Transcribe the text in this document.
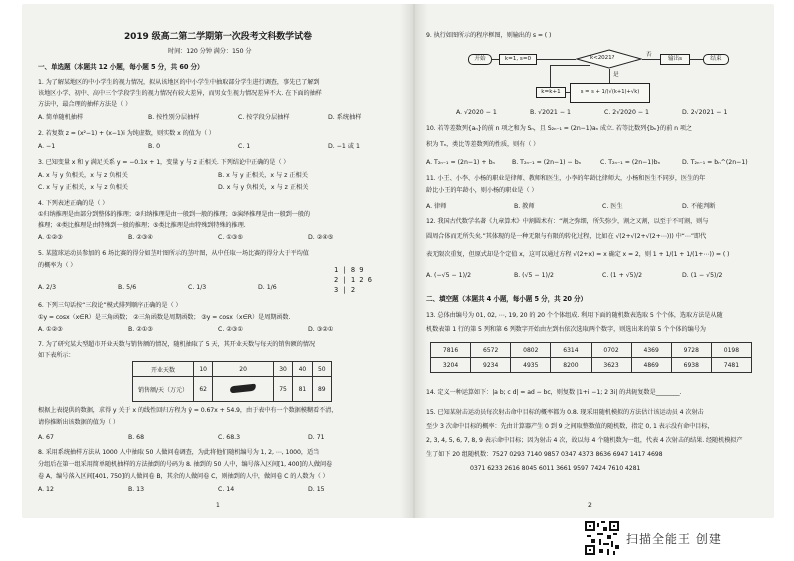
2019 级高二第二学期第一次段考文科数学试卷
时间：120 分钟 满分：150 分
一、单选题（本题共 12 小题，每小题 5 分，共 60 分）
1. 为了解某地区的中小学生的视力情况，拟从该地区的中小学生中抽取部分学生进行调查，事先已了解到
该地区小学、初中、高中三个学段学生的视力情况有较大差异，而男女生视力情况差异不大. 在下面的抽样
方法中，最合理的抽样方法是（ ）
A. 简单随机抽样	B. 按性别分层抽样	C. 按学段分层抽样	D. 系统抽样
2. 若复数 z = (x²−1) + (x−1)i 为纯虚数，则实数 x 的值为（ ）
A. −1	B. 0	C. 1	D. −1 或 1
3. 已知变量 x 和 y 满足关系 y = −0.1x + 1，变量 y 与 z 正相关. 下列结论中正确的是（ ）
A. x 与 y 负相关，x 与 z 负相关	B. x 与 y 正相关，x 与 z 正相关
C. x 与 y 正相关，x 与 z 负相关	D. x 与 y 负相关，x 与 z 正相关
4. 下列表述正确的是（ ）
①归纳推理是由部分到整体的推理；②归纳推理是由一般到一般的推理；③演绎推理是由一般到一般的
推理；④类比推理是由特殊到一般的推理；⑤类比推理是由特殊到特殊的推理.
A. ①②③	B. ②③④	C. ①③⑤	D. ②④⑤
5. 某篮球运动员参加的 6 场比赛的得分如茎叶图所示的茎叶图，从中任取一场比赛的得分大于平均值
的概率为（ ）
1 | 8 9
2 | 1 2 6
3 | 2
A. 2/3	B. 5/6	C. 1/3	D. 1/6
6. 下列三句话按“三段论”模式排列顺序正确的是（ ）
①y = cosx（x∈R）是三角函数； ②三角函数是周期函数； ③y = cosx（x∈R）是周期函数.
A. ①②③	B. ②①③	C. ②③①	D. ③②①
7. 为了研究某大型超市开业天数与销售额的情况，随机抽取了 5 天，其开业天数与每天的销售额的情况
如下表所示：
开业天数	10	20	30	40	50
销售额/天（万元）	62		75	81	89
根据上表提供的数据，求得 y 关于 x 的线性回归方程为 ŷ = 0.67x + 54.9，由于表中有一个数据模糊看不清，
请你推断出该数据的值为（ ）
A. 67	B. 68	C. 68.3	D. 71
8. 采用系统抽样方法从 1000 人中抽取 50 人做问卷调查，为此将他们随机编号为 1, 2, ⋯, 1000，适当
分组后在第一组采用简单随机抽样的方法抽到的号码为 8. 抽到的 50 人中，编号落入区间[1, 400]的人做问卷
卷 A，编号落入区间[401, 750]的人做问卷 B，其余的人做问卷 C，则抽到的人中，做问卷 C 的人数为（ ）
A. 12	B. 13	C. 14	D. 15
1
9. 执行如图所示的程序框图，则输出的 s = ( )
开始	k=1, s=0	k<2021?	否
输出s	结束
是
s = s + 1/(√(k+1)+√k)
k=k+1
A. √2020 − 1	B. √2021 − 1	C. 2√2020 − 1	D. 2√2021 − 1
10. 若等差数列{aₙ}的前 n 项之和为 Sₙ，且 S₂ₙ₋₁ = (2n−1)aₙ 成立. 若等比数列{bₙ}的前 n 项之
积为 Tₙ，类比等差数列的性质，则有（ ）
A. T₂ₙ₋₁ = (2n−1) + bₙ	B. T₂ₙ₋₁ = (2n−1) − bₙ	C. T₂ₙ₋₁ = (2n−1)bₙ	D. T₂ₙ₋₁ = bₙ^(2n−1)
11. 小王、小李、小杨的职业是律师、教师和医生，小李的年龄比律师大，小杨和医生不同岁，医生的年
龄比小王的年龄小，则小杨的职业是（ ）
A. 律师	B. 教师	C. 医生	D. 不能判断
12. 我国古代数学名著《九章算术》中割圆术有：“割之弥细，所失弥少，割之又割，以至于不可割，则与
圆周合体而无所失矣.”其体现的是一种无限与有限的转化过程，比如在 √(2+√(2+√(2+⋯))) 中“⋯”即代
表无限次重复，但原式却是个定值 x，这可以通过方程 √(2+x) = x 确定 x = 2，则 1 + 1/(1 + 1/(1+⋯)) = ( )
A. (−√5 − 1)/2	B. (√5 − 1)/2	C. (1 + √5)/2	D. (1 − √5)/2
二、填空题（本题共 4 小题，每小题 5 分，共 20 分）
13. 总体由编号为 01, 02, ⋯, 19, 20 的 20 个个体组成. 利用下面的随机数表选取 5 个个体，选取方法是从随
机数表第 1 行的第 5 列和第 6 列数字开始由左到右依次选取两个数字，则选出来的第 5 个个体的编号为
7816	6572	0802	6314	0702	4369	9728	0198
3204	9234	4935	8200	3623	4869	6938	7481
14. 定义一种运算如下：|a b; c d| = ad − bc，则复数 |1+i −1; 2 3i| 的共轭复数是________.
15. 已知某射击运动员每次射击命中目标的概率都为 0.8. 现采用随机模拟的方法估计该运动员 4 次射击
至少 3 次命中目标的概率：先由计算器产生 0 到 9 之间取整数值的随机数，指定 0, 1 表示没有命中目标，
2, 3, 4, 5, 6, 7, 8, 9 表示命中目标；因为射击 4 次，故以每 4 个随机数为一组，代表 4 次射击的结果. 经随机模拟产
生了如下 20 组随机数：7527 0293 7140 9857 0347 4373 8636 6947 1417 4698
0371 6233 2616 8045 6011 3661 9597 7424 7610 4281
2
扫描全能王 创建
